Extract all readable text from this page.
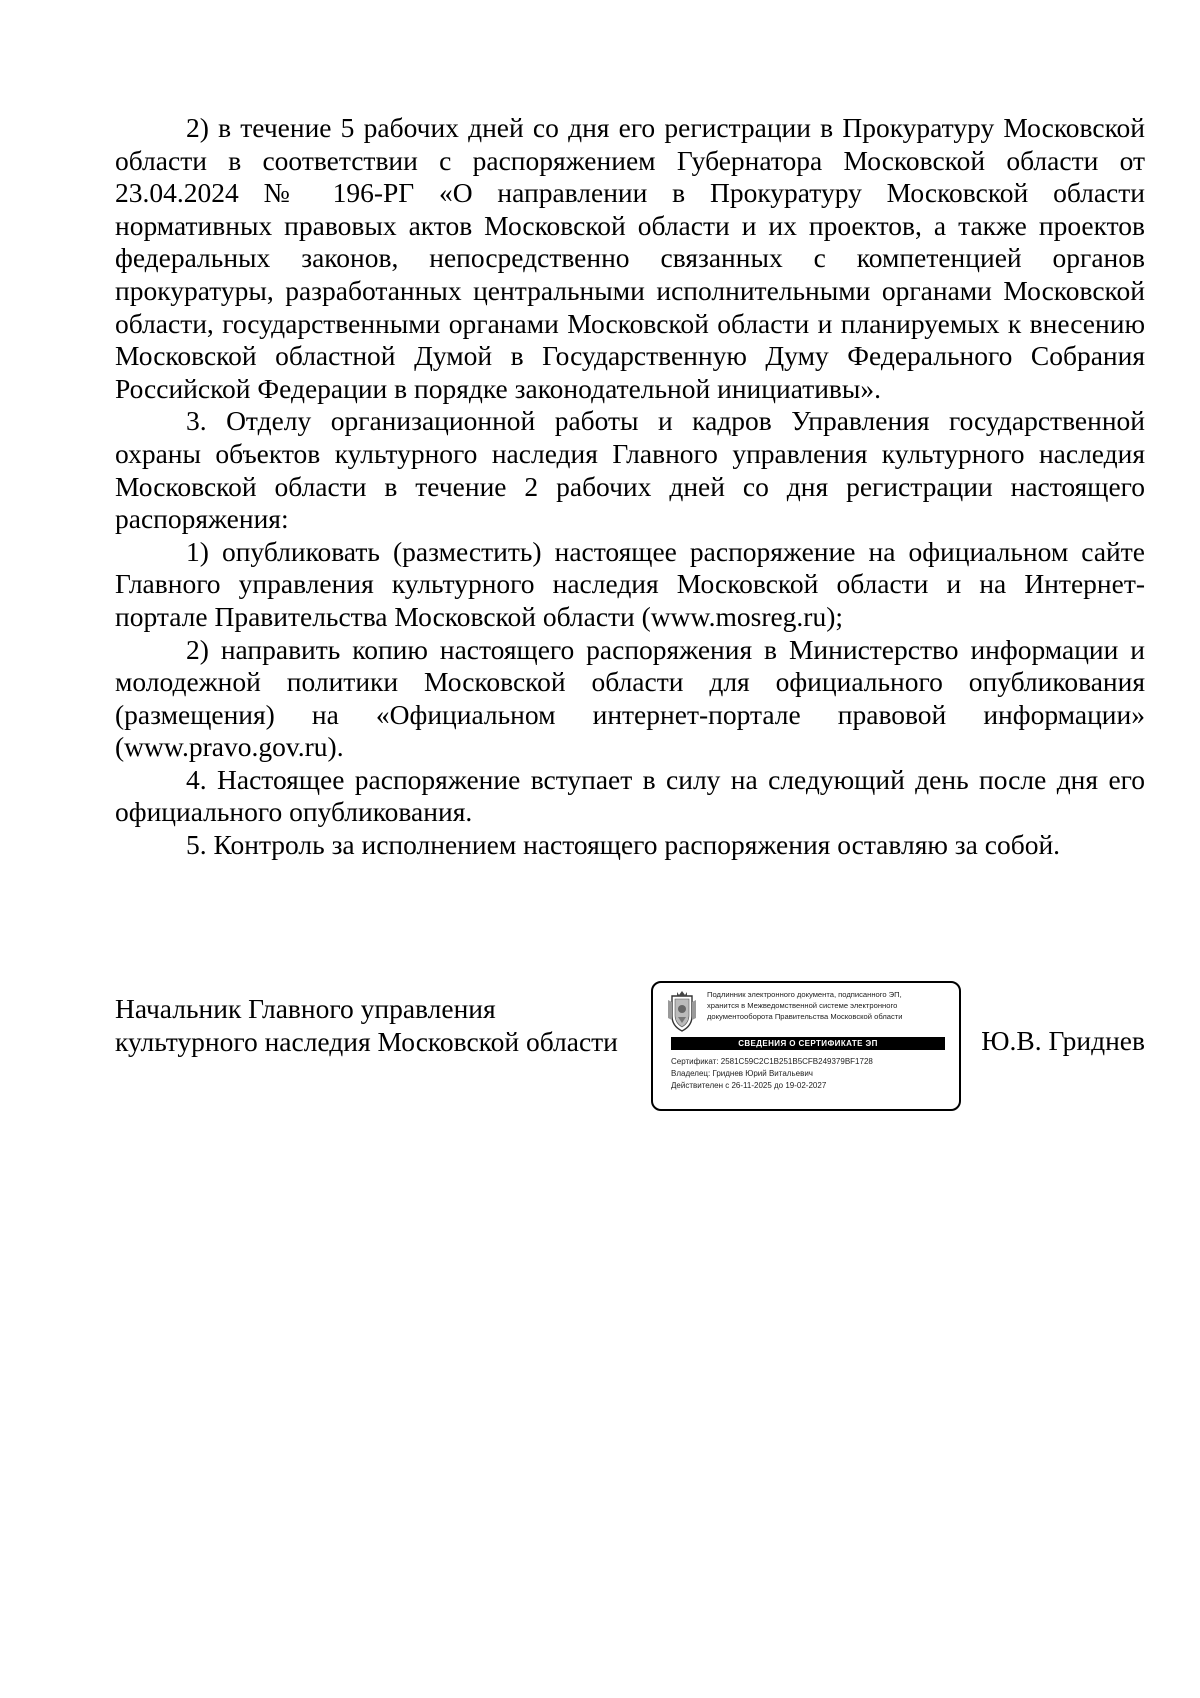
2) в течение 5 рабочих дней со дня его регистрации в Прокуратуру Московской области в соответствии с распоряжением Губернатора Московской области от 23.04.2024 № 196-РГ «О направлении в Прокуратуру Московской области нормативных правовых актов Московской области и их проектов, а также проектов федеральных законов, непосредственно связанных с компетенцией органов прокуратуры, разработанных центральными исполнительными органами Московской области, государственными органами Московской области и планируемых к внесению Московской областной Думой в Государственную Думу Федерального Собрания Российской Федерации в порядке законодательной инициативы».

3. Отделу организационной работы и кадров Управления государственной охраны объектов культурного наследия Главного управления культурного наследия Московской области в течение 2 рабочих дней со дня регистрации настоящего распоряжения:

1) опубликовать (разместить) настоящее распоряжение на официальном сайте Главного управления культурного наследия Московской области и на Интернет-портале Правительства Московской области (www.mosreg.ru);

2) направить копию настоящего распоряжения в Министерство информации и молодежной политики Московской области для официального опубликования (размещения) на «Официальном интернет-портале правовой информации» (www.pravo.gov.ru).

4. Настоящее распоряжение вступает в силу на следующий день после дня его официального опубликования.

5. Контроль за исполнением настоящего распоряжения оставляю за собой.

Начальник Главного управления
культурного наследия Московской области
Подлинник электронного документа, подписанного ЭП,
хранится в Межведомственной системе электронного
документооборота Правительства Московской области
СВЕДЕНИЯ О СЕРТИФИКАТЕ ЭП
Сертификат: 2581C59C2C1B251B5CFB249379BF1728
Владелец: Гриднев Юрий Витальевич
Действителен с 26-11-2025 до 19-02-2027
Ю.В. Гриднев
